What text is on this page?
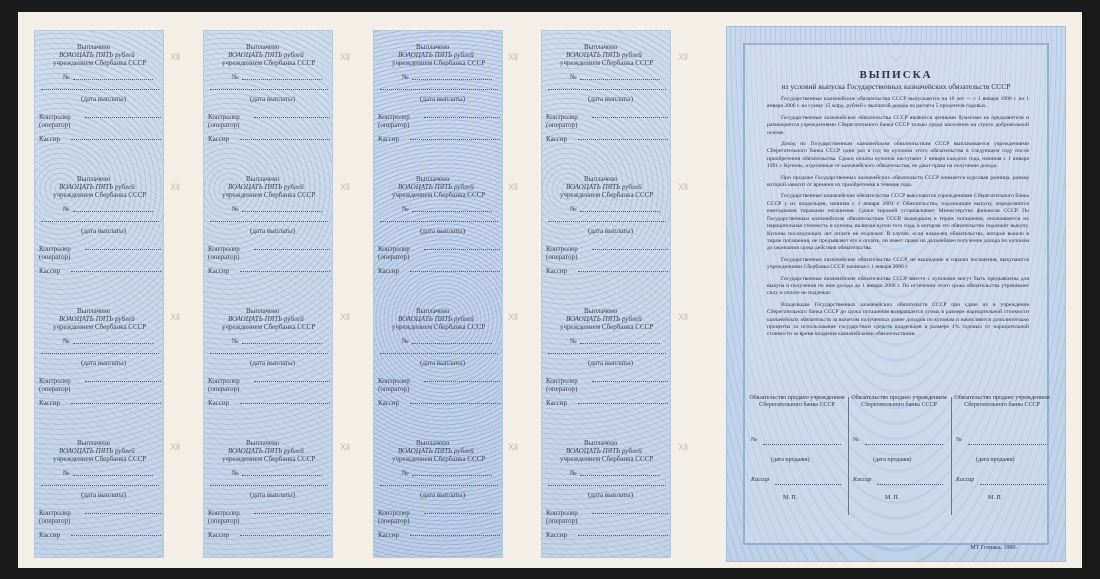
Выплачено
ВОАОЦАТЬ ПЯТЬ рублей
учреждением Сбербанка СССР
№
(дата выплаты)
Контролер
(оператор)
Кассир
Выплачено
ВОАОЦАТЬ ПЯТЬ рублей
учреждением Сбербанка СССР
№
(дата выплаты)
Контролер
(оператор)
Кассир
Выплачено
ВОАОЦАТЬ ПЯТЬ рублей
учреждением Сбербанка СССР
№
(дата выплаты)
Контролер
(оператор)
Кассир
Выплачено
ВОАОЦАТЬ ПЯТЬ рублей
учреждением Сбербанка СССР
№
(дата выплаты)
Контролер
(оператор)
Кассир
Выплачено
ВОАОЦАТЬ ПЯТЬ рублей
учреждением Сбербанка СССР
№
(дата выплаты)
Контролер
(оператор)
Кассир
Выплачено
ВОАОЦАТЬ ПЯТЬ рублей
учреждением Сбербанка СССР
№
(дата выплаты)
Контролер
(оператор)
Кассир
Выплачено
ВОАОЦАТЬ ПЯТЬ рублей
учреждением Сбербанка СССР
№
(дата выплаты)
Контролер
(оператор)
Кассир
Выплачено
ВОАОЦАТЬ ПЯТЬ рублей
учреждением Сбербанка СССР
№
(дата выплаты)
Контролер
(оператор)
Кассир
Выплачено
ВОАОЦАТЬ ПЯТЬ рублей
учреждением Сбербанка СССР
№
(дата выплаты)
Контролер
(оператор)
Кассир
Выплачено
ВОАОЦАТЬ ПЯТЬ рублей
учреждением Сбербанка СССР
№
(дата выплаты)
Контролер
(оператор)
Кассир
Выплачено
ВОАОЦАТЬ ПЯТЬ рублей
учреждением Сбербанка СССР
№
(дата выплаты)
Контролер
(оператор)
Кассир
Выплачено
ВОАОЦАТЬ ПЯТЬ рублей
учреждением Сбербанка СССР
№
(дата выплаты)
Контролер
(оператор)
Кассир
Выплачено
ВОАОЦАТЬ ПЯТЬ рублей
учреждением Сбербанка СССР
№
(дата выплаты)
Контролер
(оператор)
Кассир
Выплачено
ВОАОЦАТЬ ПЯТЬ рублей
учреждением Сбербанка СССР
№
(дата выплаты)
Контролер
(оператор)
Кассир
Выплачено
ВОАОЦАТЬ ПЯТЬ рублей
учреждением Сбербанка СССР
№
(дата выплаты)
Контролер
(оператор)
Кассир
Выплачено
ВОАОЦАТЬ ПЯТЬ рублей
учреждением Сбербанка СССР
№
(дата выплаты)
Контролер
(оператор)
Кассир
ВЫПИСКА
из условий выпуска Государственных казначейских обязательств СССР

Государственные казначейские обязательства СССР выпускаются на 16 лет — с 1 января 1990 г. по 1 января 2006 г. на сумму 15 млрд. рублей с выплатой дохода из расчета 5 процентов годовых.

Государственные казначейские обязательства СССР являются ценными бумагами на предъявителя и размещаются учреждениями Сберегательного банка СССР только среди населения на строго добровольной основе.

Доход по Государственным казначейским обязательствам СССР выплачивается учреждениями Сберегательного банка СССР один раз в год по купонам этого обязательства в следующем году после приобретения обязательства. Сроки оплаты купонов наступают 1 января каждого года, начиная с 1 января 1991 г. Купоны, отделенные от казначейского обязательства, не дают права на получение дохода.

При продаже Государственных казначейских обязательств СССР взимается курсовая разница, размер которой зависит от времени их приобретения в течение года.

Государственные казначейские обязательства СССР выкупаются учреждениями Сберегательного банка СССР у их владельцев, начиная с 1 января 2001 г. Обязательства, подлежащие выкупу, определяются ежегодными тиражами погашения. Сроки тиражей устанавливает Министерство финансов СССР. По Государственным казначейским обязательствам СССР, вышедшим в тираж погашения, оплачиваются их нарицательная стоимость и купоны, включая купон того года, в котором это обязательство подлежит выкупу. Купоны последующих лет оплате не подлежат. В случае, если владелец обязательства, которое вышло в тираж погашения, не предъявляет его к оплате, он имеет право на дальнейшее получение дохода по купонам до окончания срока действия обязательства.

Государственные казначейские обязательства СССР, не вышедшие в тиражи погашения, выкупаются учреждениями Сбербанка СССР, начиная с 1 января 2006 г.

Государственные казначейские обязательства СССР вместе с купонами могут быть предъявлены для выкупа и получения по ним дохода до 1 января 2008 г. По истечении этого срока обязательства утрачивают силу и оплате не подлежат.

Владельцам Государственных казначейских обязательств СССР при сдаче их в учреждения Сберегательного банка СССР до срока погашения возвращается сумма в размере нарицательной стоимости казначейских обязательств за вычетом полученных ранее доходов по купонам и начисляются дополнительно проценты за использование государством средств владельцев в размере 1% годовых от нарицательной стоимости за время владения казначейскими обязательствами.

Обязательство продано учреждением Сберегательного банка СССР
№
(дата продажи)
Кассир
М. П.
Обязательство продано учреждением Сберегательного банка СССР
№
(дата продажи)
Кассир
М. П.
Обязательство продано учреждением Сберегательного банка СССР
№
(дата продажи)
Кассир
М. П.
МТ Гознака. 1990.
Ⅻ
Ⅻ
Ⅻ
Ⅻ
Ⅻ
Ⅻ
Ⅻ
Ⅻ
Ⅻ
Ⅻ
Ⅻ
Ⅻ
Ⅻ
Ⅻ
Ⅻ
Ⅻ
